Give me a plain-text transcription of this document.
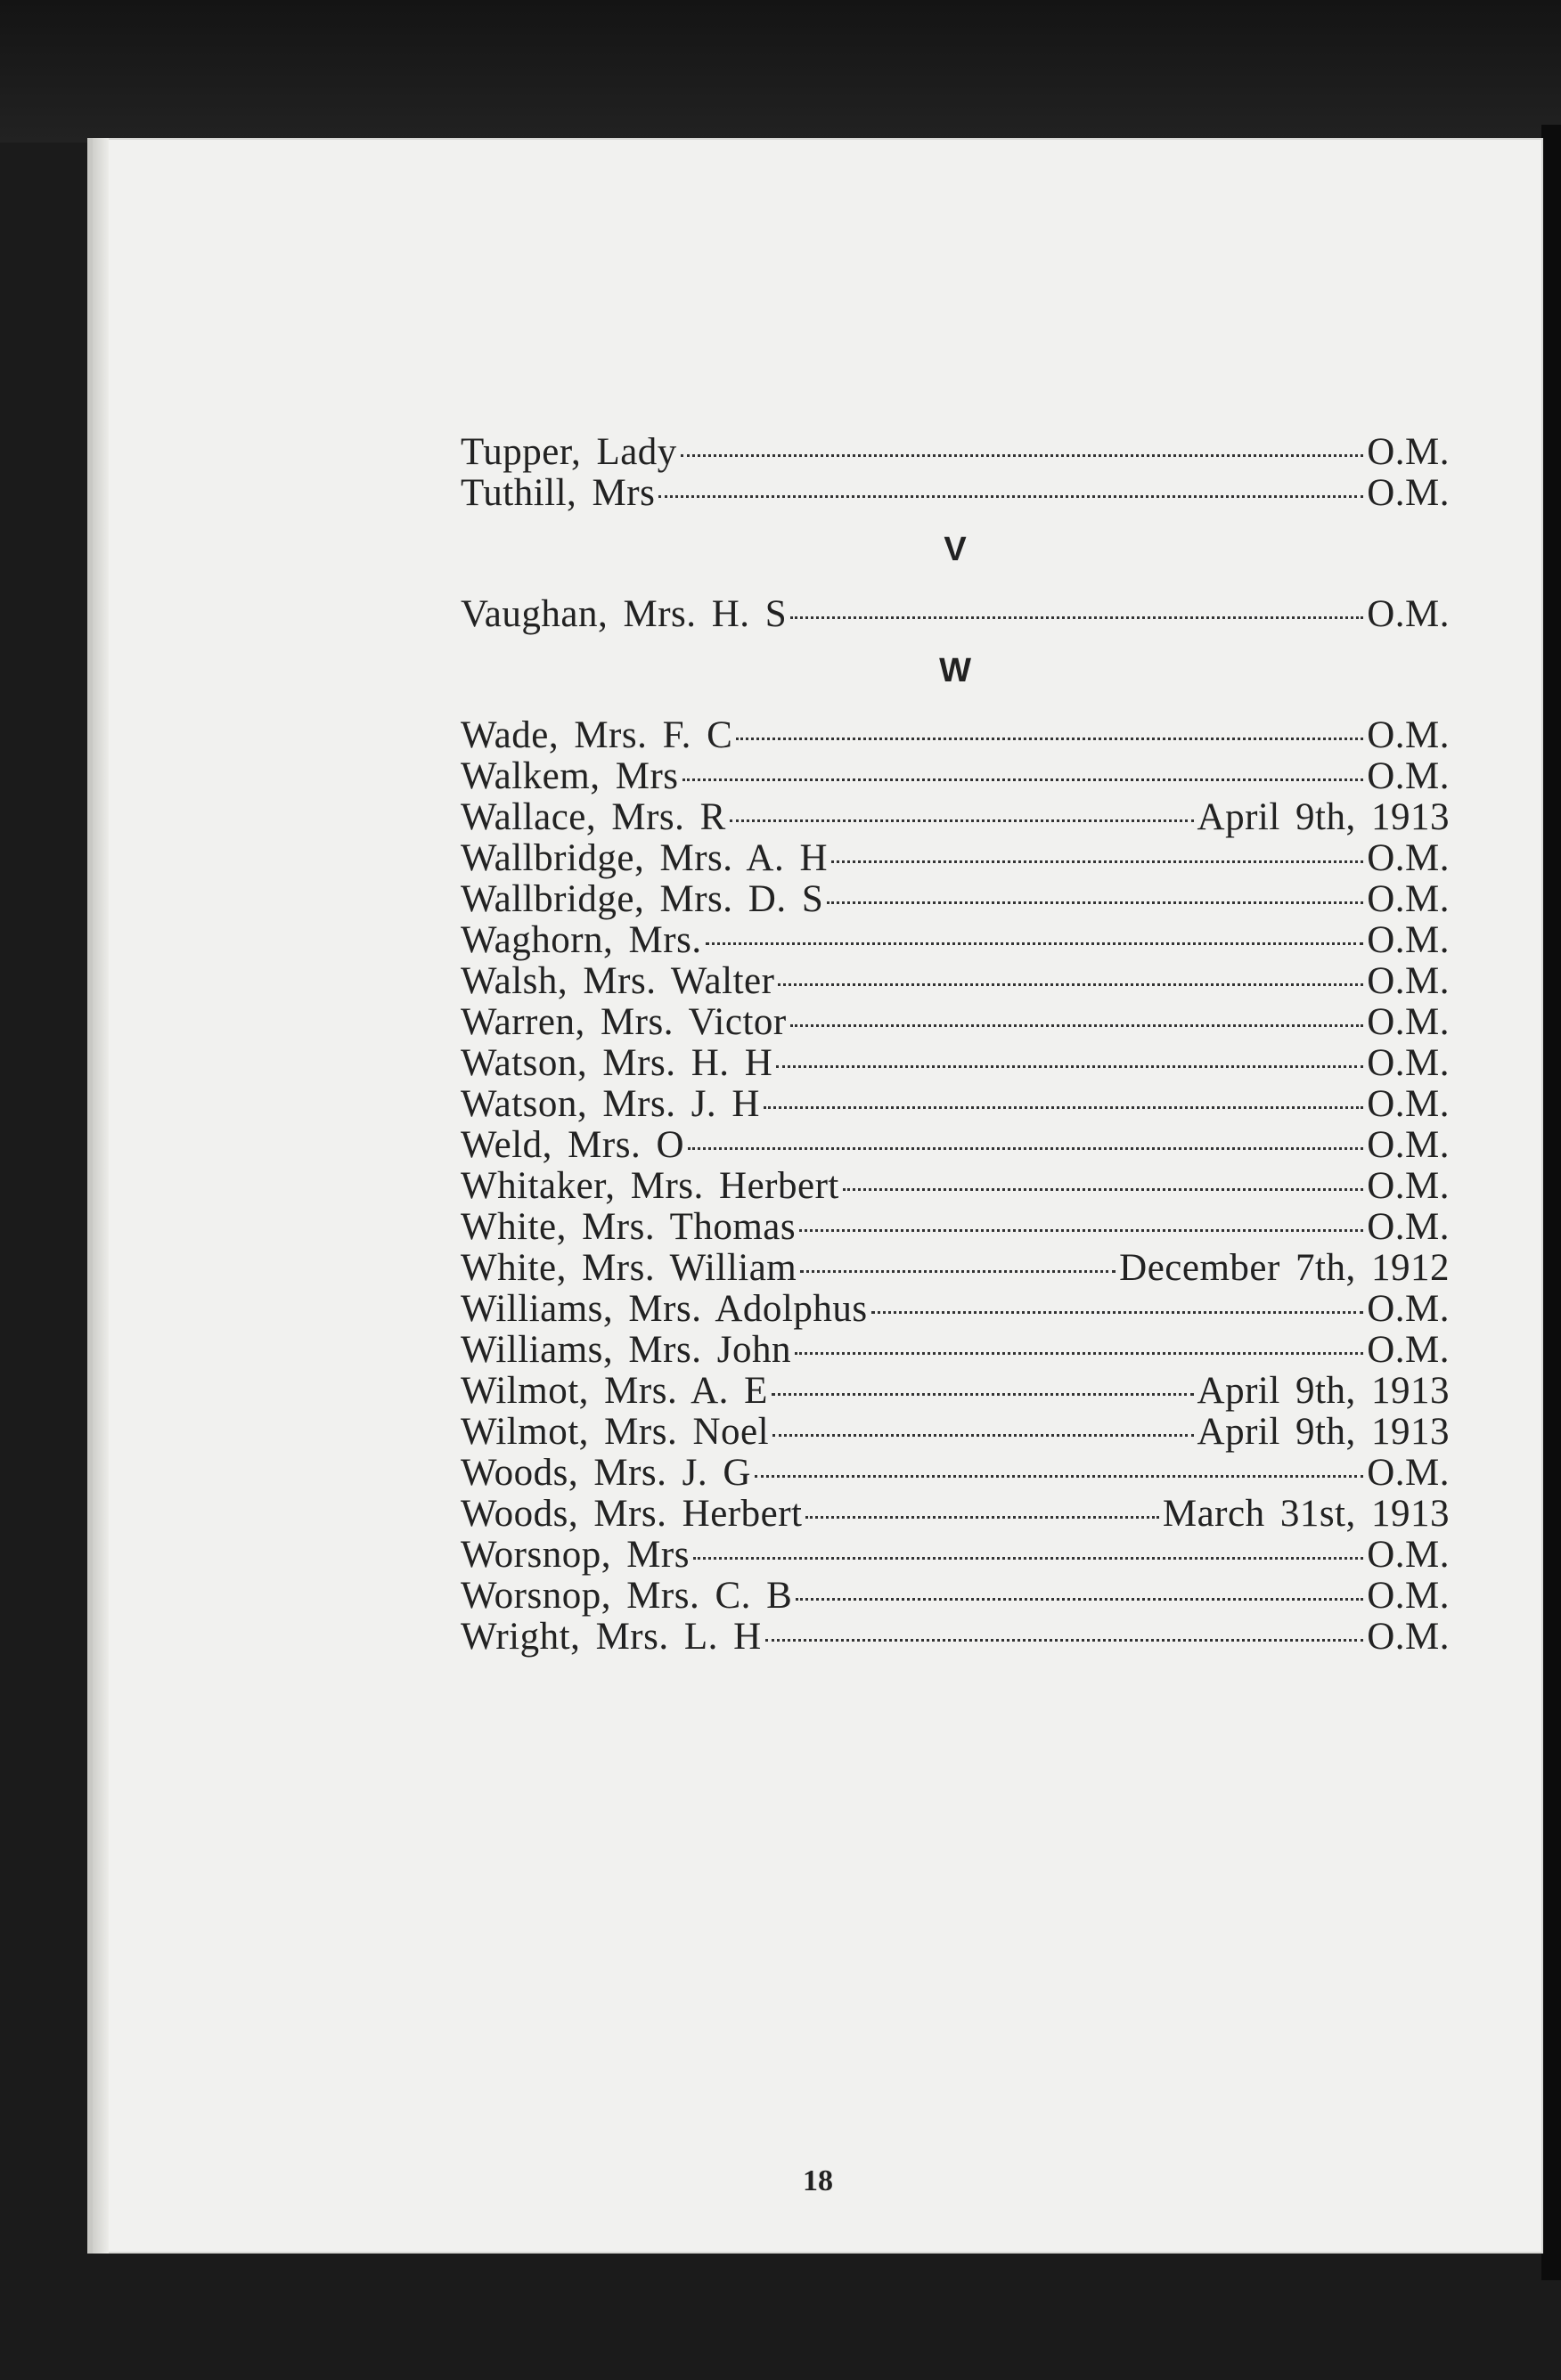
Tupper, Lady	O.M.
Tuthill, Mrs	O.M.
V
Vaughan, Mrs. H. S	O.M.
W
Wade, Mrs. F. C	O.M.
Walkem, Mrs	O.M.
Wallace, Mrs. R	April 9th, 1913
Wallbridge, Mrs. A. H	O.M.
Wallbridge, Mrs. D. S	O.M.
Waghorn, Mrs.	O.M.
Walsh, Mrs. Walter	O.M.
Warren, Mrs. Victor	O.M.
Watson, Mrs. H. H	O.M.
Watson, Mrs. J. H	O.M.
Weld, Mrs. O	O.M.
Whitaker, Mrs. Herbert	O.M.
White, Mrs. Thomas	O.M.
White, Mrs. William	December 7th, 1912
Williams, Mrs. Adolphus	O.M.
Williams, Mrs. John	O.M.
Wilmot, Mrs. A. E	April 9th, 1913
Wilmot, Mrs. Noel	April 9th, 1913
Woods, Mrs. J. G	O.M.
Woods, Mrs. Herbert	March 31st, 1913
Worsnop, Mrs	O.M.
Worsnop, Mrs. C. B	O.M.
Wright, Mrs. L. H	O.M.
18
